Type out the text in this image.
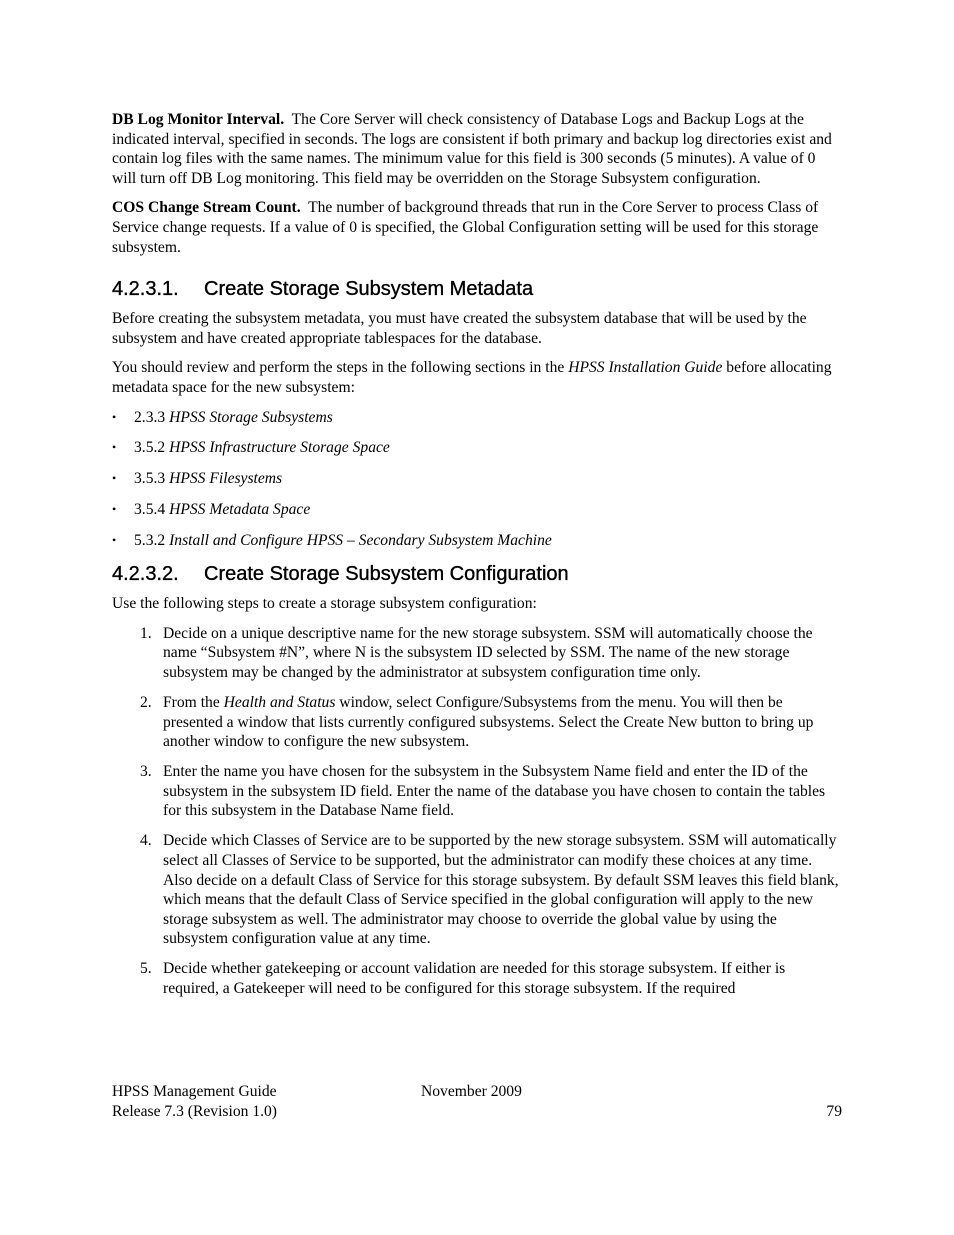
DB Log Monitor Interval. The Core Server will check consistency of Database Logs and Backup Logs at the indicated interval, specified in seconds. The logs are consistent if both primary and backup log directories exist and contain log files with the same names. The minimum value for this field is 300 seconds (5 minutes). A value of 0 will turn off DB Log monitoring. This field may be overridden on the Storage Subsystem configuration.

COS Change Stream Count. The number of background threads that run in the Core Server to process Class of Service change requests. If a value of 0 is specified, the Global Configuration setting will be used for this storage subsystem.

4.2.3.1. Create Storage Subsystem Metadata

Before creating the subsystem metadata, you must have created the subsystem database that will be used by the subsystem and have created appropriate tablespaces for the database.

You should review and perform the steps in the following sections in the HPSS Installation Guide before allocating metadata space for the new subsystem:

• 2.3.3 HPSS Storage Subsystems
• 3.5.2 HPSS Infrastructure Storage Space
• 3.5.3 HPSS Filesystems
• 3.5.4 HPSS Metadata Space
• 5.3.2 Install and Configure HPSS – Secondary Subsystem Machine
4.2.3.2. Create Storage Subsystem Configuration

Use the following steps to create a storage subsystem configuration:

1. Decide on a unique descriptive name for the new storage subsystem. SSM will automatically choose the name “Subsystem #N”, where N is the subsystem ID selected by SSM. The name of the new storage subsystem may be changed by the administrator at subsystem configuration time only.
2. From the Health and Status window, select Configure/Subsystems from the menu. You will then be presented a window that lists currently configured subsystems. Select the Create New button to bring up another window to configure the new subsystem.
3. Enter the name you have chosen for the subsystem in the Subsystem Name field and enter the ID of the subsystem in the subsystem ID field. Enter the name of the database you have chosen to contain the tables for this subsystem in the Database Name field.
4. Decide which Classes of Service are to be supported by the new storage subsystem. SSM will automatically select all Classes of Service to be supported, but the administrator can modify these choices at any time. Also decide on a default Class of Service for this storage subsystem. By default SSM leaves this field blank, which means that the default Class of Service specified in the global configuration will apply to the new storage subsystem as well. The administrator may choose to override the global value by using the subsystem configuration value at any time.
5. Decide whether gatekeeping or account validation are needed for this storage subsystem. If either is required, a Gatekeeper will need to be configured for this storage subsystem. If the required
HPSS Management Guide
Release 7.3 (Revision 1.0)
November 2009
79
